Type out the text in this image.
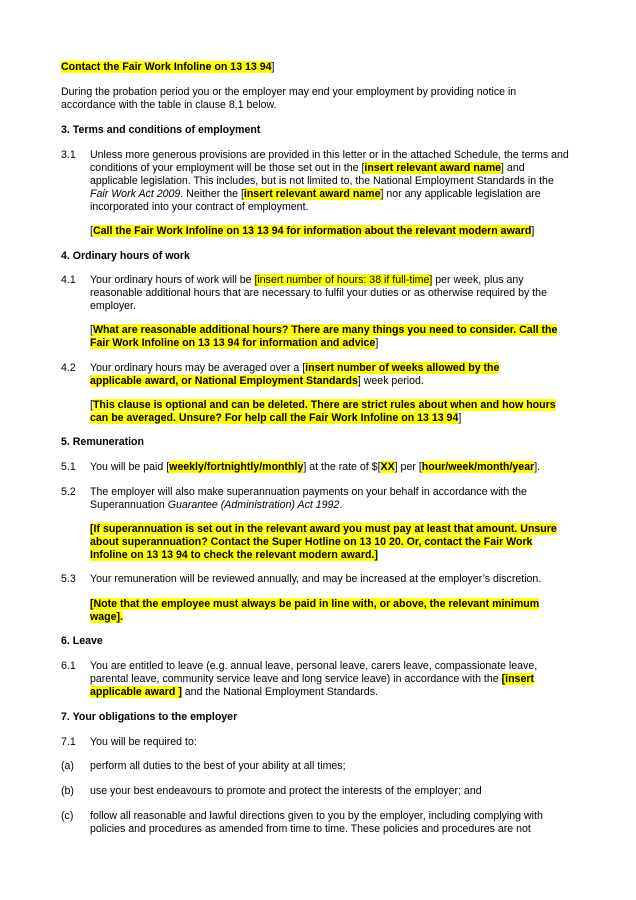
Contact the Fair Work Infoline on 13 13 94]
During the probation period you or the employer may end your employment by providing notice in
accordance with the table in clause 8.1 below.
3. Terms and conditions of employment
3.1 Unless more generous provisions are provided in this letter or in the attached Schedule, the terms and
conditions of your employment will be those set out in the [insert relevant award name] and
applicable legislation. This includes, but is not limited to, the National Employment Standards in the
Fair Work Act 2009. Neither the [insert relevant award name] nor any applicable legislation are
incorporated into your contract of employment.
[Call the Fair Work Infoline on 13 13 94 for information about the relevant modern award]
4. Ordinary hours of work
4.1 Your ordinary hours of work will be [insert number of hours: 38 if full-time] per week, plus any
reasonable additional hours that are necessary to fulfil your duties or as otherwise required by the
employer.
[What are reasonable additional hours? There are many things you need to consider. Call the
Fair Work Infoline on 13 13 94 for information and advice]
4.2 Your ordinary hours may be averaged over a [insert number of weeks allowed by the
applicable award, or National Employment Standards] week period.
[This clause is optional and can be deleted. There are strict rules about when and how hours
can be averaged. Unsure? For help call the Fair Work Infoline on 13 13 94]
5. Remuneration
5.1 You will be paid [weekly/fortnightly/monthly] at the rate of $[XX] per [hour/week/month/year].
5.2 The employer will also make superannuation payments on your behalf in accordance with the
Superannuation Guarantee (Administration) Act 1992.
[If superannuation is set out in the relevant award you must pay at least that amount. Unsure
about superannuation? Contact the Super Hotline on 13 10 20. Or, contact the Fair Work
Infoline on 13 13 94 to check the relevant modern award.]
5.3 Your remuneration will be reviewed annually, and may be increased at the employer’s discretion.
[Note that the employee must always be paid in line with, or above, the relevant minimum
wage].
6. Leave
6.1 You are entitled to leave (e.g. annual leave, personal leave, carers leave, compassionate leave,
parental leave, community service leave and long service leave) in accordance with the [insert
applicable award ] and the National Employment Standards.
7. Your obligations to the employer
7.1 You will be required to:
(a) perform all duties to the best of your ability at all times;
(b) use your best endeavours to promote and protect the interests of the employer; and
(c) follow all reasonable and lawful directions given to you by the employer, including complying with
policies and procedures as amended from time to time. These policies and procedures are not
